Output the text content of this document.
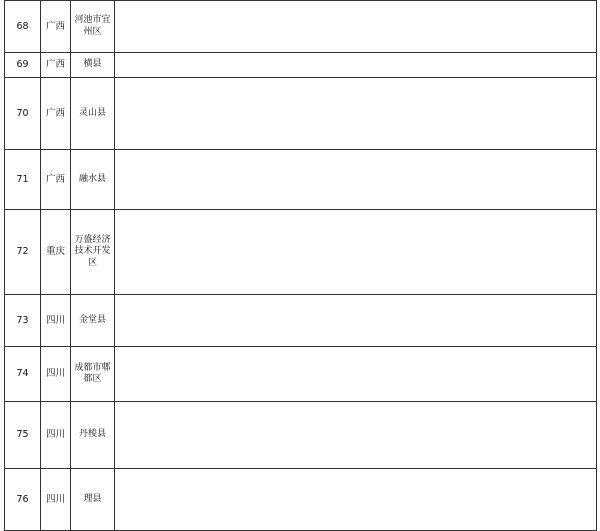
68	广西	河池市宜州区	
69	广西	横县	
70	广西	灵山县	
71	广西	融水县	
72	重庆	万盛经济技术开发区	
73	四川	金堂县	
74	四川	成都市郫都区	
75	四川	丹棱县	
76	四川	理县	
